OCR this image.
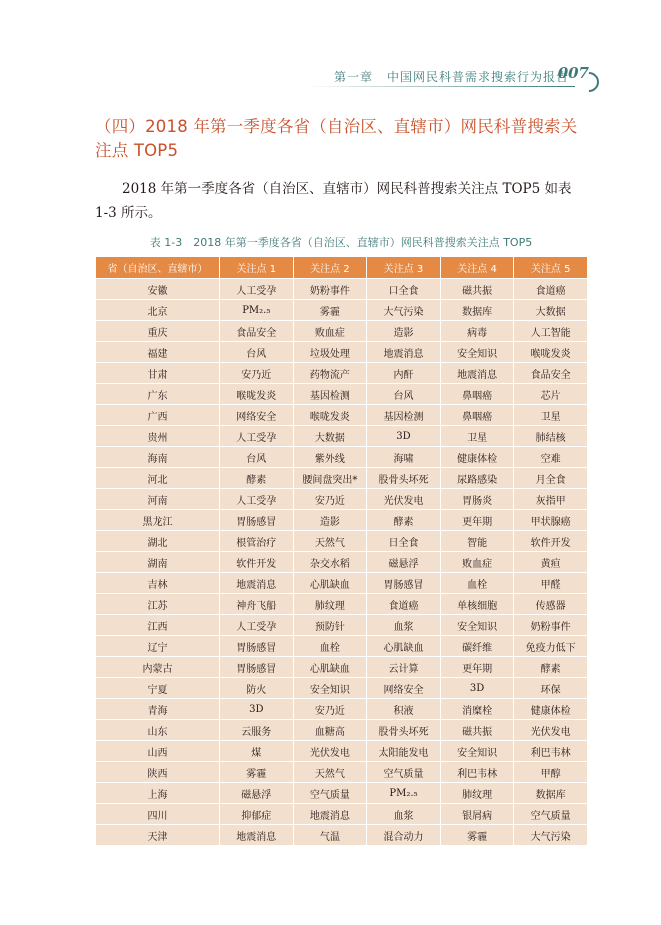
第一章 中国网民科普需求搜索行为报告
007
（四）2018 年第一季度各省（自治区、直辖市）网民科普搜索关注点 TOP5
2018 年第一季度各省（自治区、直辖市）网民科普搜索关注点 TOP5 如表 1-3 所示。
表 1-3　2018 年第一季度各省（自治区、直辖市）网民科普搜索关注点 TOP5
省（自治区、直辖市）	关注点 1	关注点 2	关注点 3	关注点 4	关注点 5
安徽	人工受孕	奶粉事件	口全食	磁共振	食道癌
北京	PM₂.₅	雾霾	大气污染	数据库	大数据
重庆	食品安全	败血症	造影	病毒	人工智能
福建	台风	垃圾处理	地震消息	安全知识	喉咙发炎
甘肃	安乃近	药物流产	内酐	地震消息	食品安全
广东	喉咙发炎	基因检测	台风	鼻咽癌	芯片
广西	网络安全	喉咙发炎	基因检测	鼻咽癌	卫星
贵州	人工受孕	大数据	3D	卫星	肺结核
海南	台风	紫外线	海啸	健康体检	空难
河北	酵素	腰间盘突出*	股骨头坏死	尿路感染	月全食
河南	人工受孕	安乃近	光伏发电	胃肠炎	灰指甲
黑龙江	胃肠感冒	造影	酵素	更年期	甲状腺癌
湖北	根管治疗	天然气	日全食	智能	软件开发
湖南	软件开发	杂交水稻	磁悬浮	败血症	黄疸
吉林	地震消息	心肌缺血	胃肠感冒	血栓	甲醛
江苏	神舟飞船	肺纹理	食道癌	单核细胞	传感器
江西	人工受孕	预防针	血浆	安全知识	奶粉事件
辽宁	胃肠感冒	血栓	心肌缺血	碳纤维	免疫力低下
内蒙古	胃肠感冒	心肌缺血	云计算	更年期	酵素
宁夏	防火	安全知识	网络安全	3D	环保
青海	3D	安乃近	积液	消糜栓	健康体检
山东	云服务	血糖高	股骨头坏死	磁共振	光伏发电
山西	煤	光伏发电	太阳能发电	安全知识	利巴韦林
陕西	雾霾	天然气	空气质量	利巴韦林	甲醇
上海	磁悬浮	空气质量	PM₂.₅	肺纹理	数据库
四川	抑郁症	地震消息	血浆	银屑病	空气质量
天津	地震消息	气温	混合动力	雾霾	大气污染
